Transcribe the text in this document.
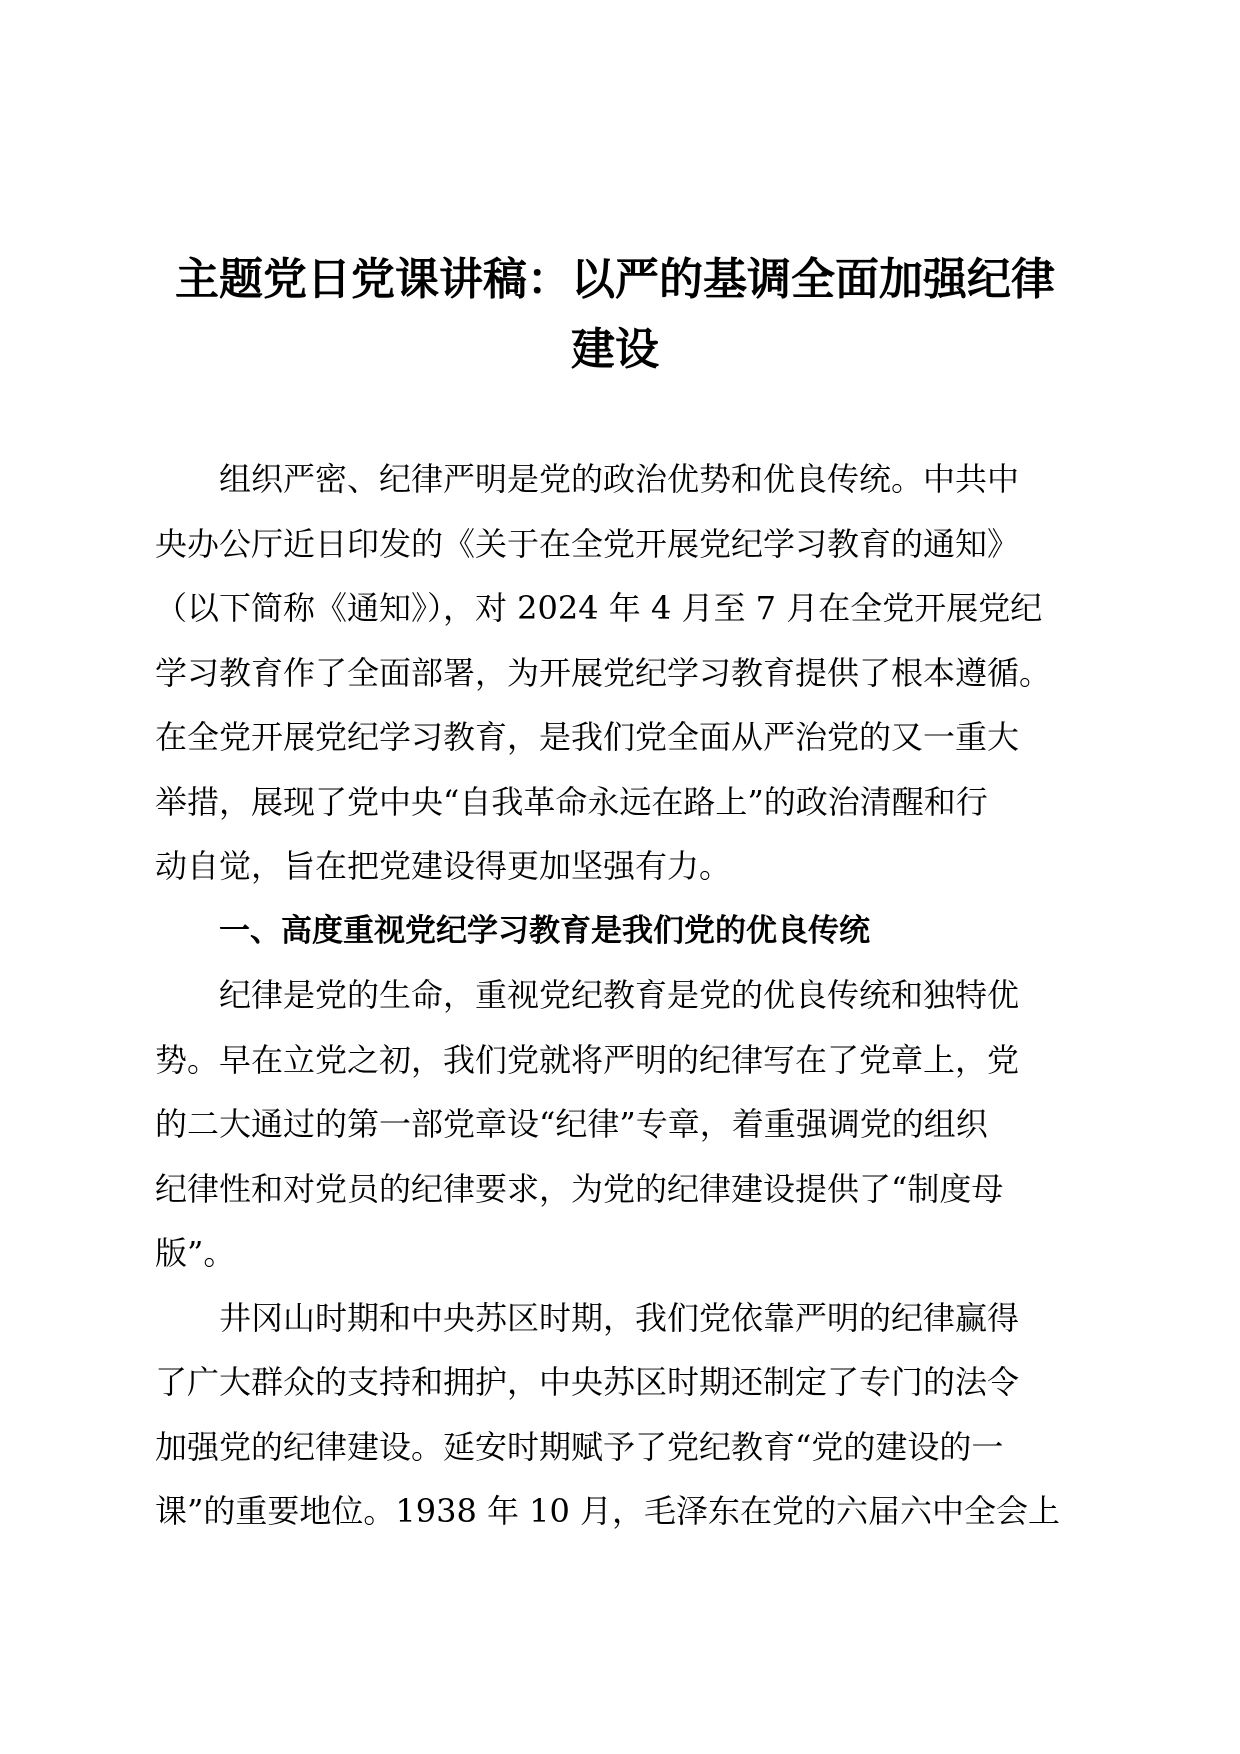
主题党日党课讲稿：以严的基调全面加强纪律
建设

组织严密、纪律严明是党的政治优势和优良传统。中共中
央办公厅近日印发的《关于在全党开展党纪学习教育的通知》
（以下简称《通知》），对 2024 年 4 月至 7 月在全党开展党纪
学习教育作了全面部署，为开展党纪学习教育提供了根本遵循。
在全党开展党纪学习教育，是我们党全面从严治党的又一重大
举措，展现了党中央“自我革命永远在路上”的政治清醒和行
动自觉，旨在把党建设得更加坚强有力。

一、高度重视党纪学习教育是我们党的优良传统

纪律是党的生命，重视党纪教育是党的优良传统和独特优
势。早在立党之初，我们党就将严明的纪律写在了党章上，党
的二大通过的第一部党章设“纪律”专章，着重强调党的组织
纪律性和对党员的纪律要求，为党的纪律建设提供了“制度母
版”。

井冈山时期和中央苏区时期，我们党依靠严明的纪律赢得
了广大群众的支持和拥护，中央苏区时期还制定了专门的法令
加强党的纪律建设。延安时期赋予了党纪教育“党的建设的一
课”的重要地位。1938 年 10 月，毛泽东在党的六届六中全会上
